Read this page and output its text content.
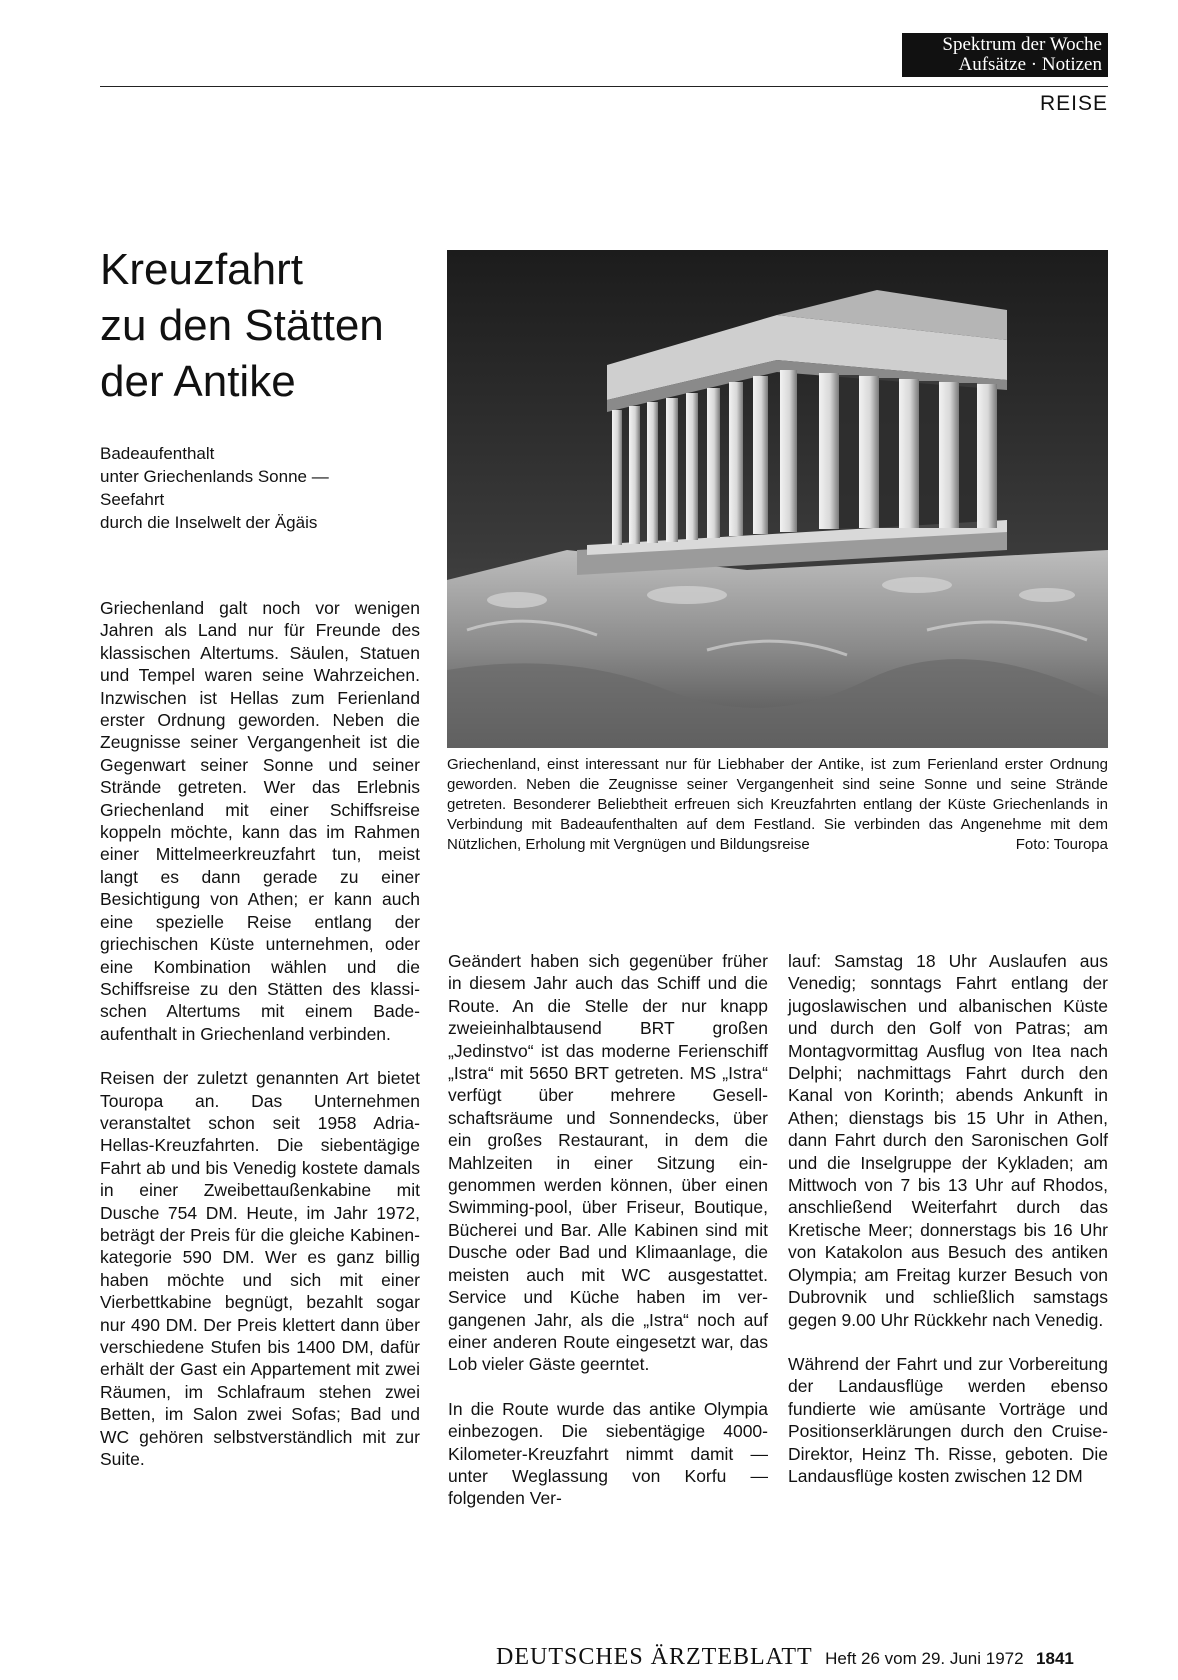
Spektrum der Woche
Aufsätze · Notizen
REISE
Kreuzfahrt
zu den Stätten
der Antike
Badeaufenthalt
unter Griechenlands Sonne —
Seefahrt
durch die Inselwelt der Ägäis
Griechenland, einst interessant nur für Liebhaber der Antike, ist zum Ferienland erster Ordnung geworden. Neben die Zeugnisse seiner Vergangenheit sind seine Sonne und seine Strände getreten. Besonderer Beliebtheit erfreuen sich Kreuzfahrten entlang der Küste Griechenlands in Verbindung mit Badeaufenthalten auf dem Festland. Sie verbinden das Angenehme mit dem Nützlichen, Erholung mit Vergnügen und Bildungsreise	Foto: Touropa

Griechenland galt noch vor wenigen Jahren als Land nur für Freunde des klassischen Altertums. Säulen, Statuen und Tempel waren seine Wahrzeichen. Inzwischen ist Hellas zum Ferienland erster Ordnung geworden. Neben die Zeugnisse seiner Vergangenheit ist die Gegenwart seiner Sonne und seiner Strände getreten. Wer das Erlebnis Griechenland mit einer Schiffsreise koppeln möchte, kann das im Rahmen einer Mittelmeerkreuzfahrt tun, meist langt es dann gerade zu einer Besichtigung von Athen; er kann auch eine spezielle Reise entlang der griechischen Küste unternehmen, oder eine Kombination wählen und die Schiffsreise zu den Stätten des klassischen Altertums mit einem Badeaufenthalt in Griechenland verbinden.

Reisen der zuletzt genannten Art bietet Touropa an. Das Unternehmen veranstaltet schon seit 1958 Adria-Hellas-Kreuzfahrten. Die siebentägige Fahrt ab und bis Venedig kostete damals in einer Zweibettaußenkabine mit Dusche 754 DM. Heute, im Jahr 1972, beträgt der Preis für die gleiche Kabinenkategorie 590 DM. Wer es ganz billig haben möchte und sich mit einer Vierbettkabine begnügt, bezahlt sogar nur 490 DM. Der Preis klettert dann über verschiedene Stufen bis 1400 DM, dafür erhält der Gast ein Appartement mit zwei Räumen, im Schlafraum stehen zwei Betten, im Salon zwei Sofas; Bad und WC gehören selbstverständlich mit zur Suite.

Geändert haben sich gegenüber früher in diesem Jahr auch das Schiff und die Route. An die Stelle der nur knapp zweieinhalbtausend BRT großen „Jedinstvo“ ist das moderne Ferienschiff „Istra“ mit 5650 BRT getreten. MS „Istra“ verfügt über mehrere Gesellschaftsräume und Sonnendecks, über ein großes Restaurant, in dem die Mahlzeiten in einer Sitzung eingenommen werden können, über einen Swimming-pool, über Friseur, Boutique, Bücherei und Bar. Alle Kabinen sind mit Dusche oder Bad und Klimaanlage, die meisten auch mit WC ausgestattet. Service und Küche haben im vergangenen Jahr, als die „Istra“ noch auf einer anderen Route eingesetzt war, das Lob vieler Gäste geerntet.

In die Route wurde das antike Olympia einbezogen. Die siebentägige 4000-Kilometer-Kreuzfahrt nimmt damit — unter Weglassung von Korfu — folgenden Ver-

lauf: Samstag 18 Uhr Auslaufen aus Venedig; sonntags Fahrt entlang der jugoslawischen und albanischen Küste und durch den Golf von Patras; am Montagvormittag Ausflug von Itea nach Delphi; nachmittags Fahrt durch den Kanal von Korinth; abends Ankunft in Athen; dienstags bis 15 Uhr in Athen, dann Fahrt durch den Saronischen Golf und die Inselgruppe der Kykladen; am Mittwoch von 7 bis 13 Uhr auf Rhodos, anschließend Weiterfahrt durch das Kretische Meer; donnerstags bis 16 Uhr von Katakolon aus Besuch des antiken Olympia; am Freitag kurzer Besuch von Dubrovnik und schließlich samstags gegen 9.00 Uhr Rückkehr nach Venedig.

Während der Fahrt und zur Vorbereitung der Landausflüge werden ebenso fundierte wie amüsante Vorträge und Positionserklärungen durch den Cruise-Direktor, Heinz Th. Risse, geboten. Die Landausflüge kosten zwischen 12 DM

DEUTSCHES ÄRZTEBLATT Heft 26 vom 29. Juni 1972 1841
